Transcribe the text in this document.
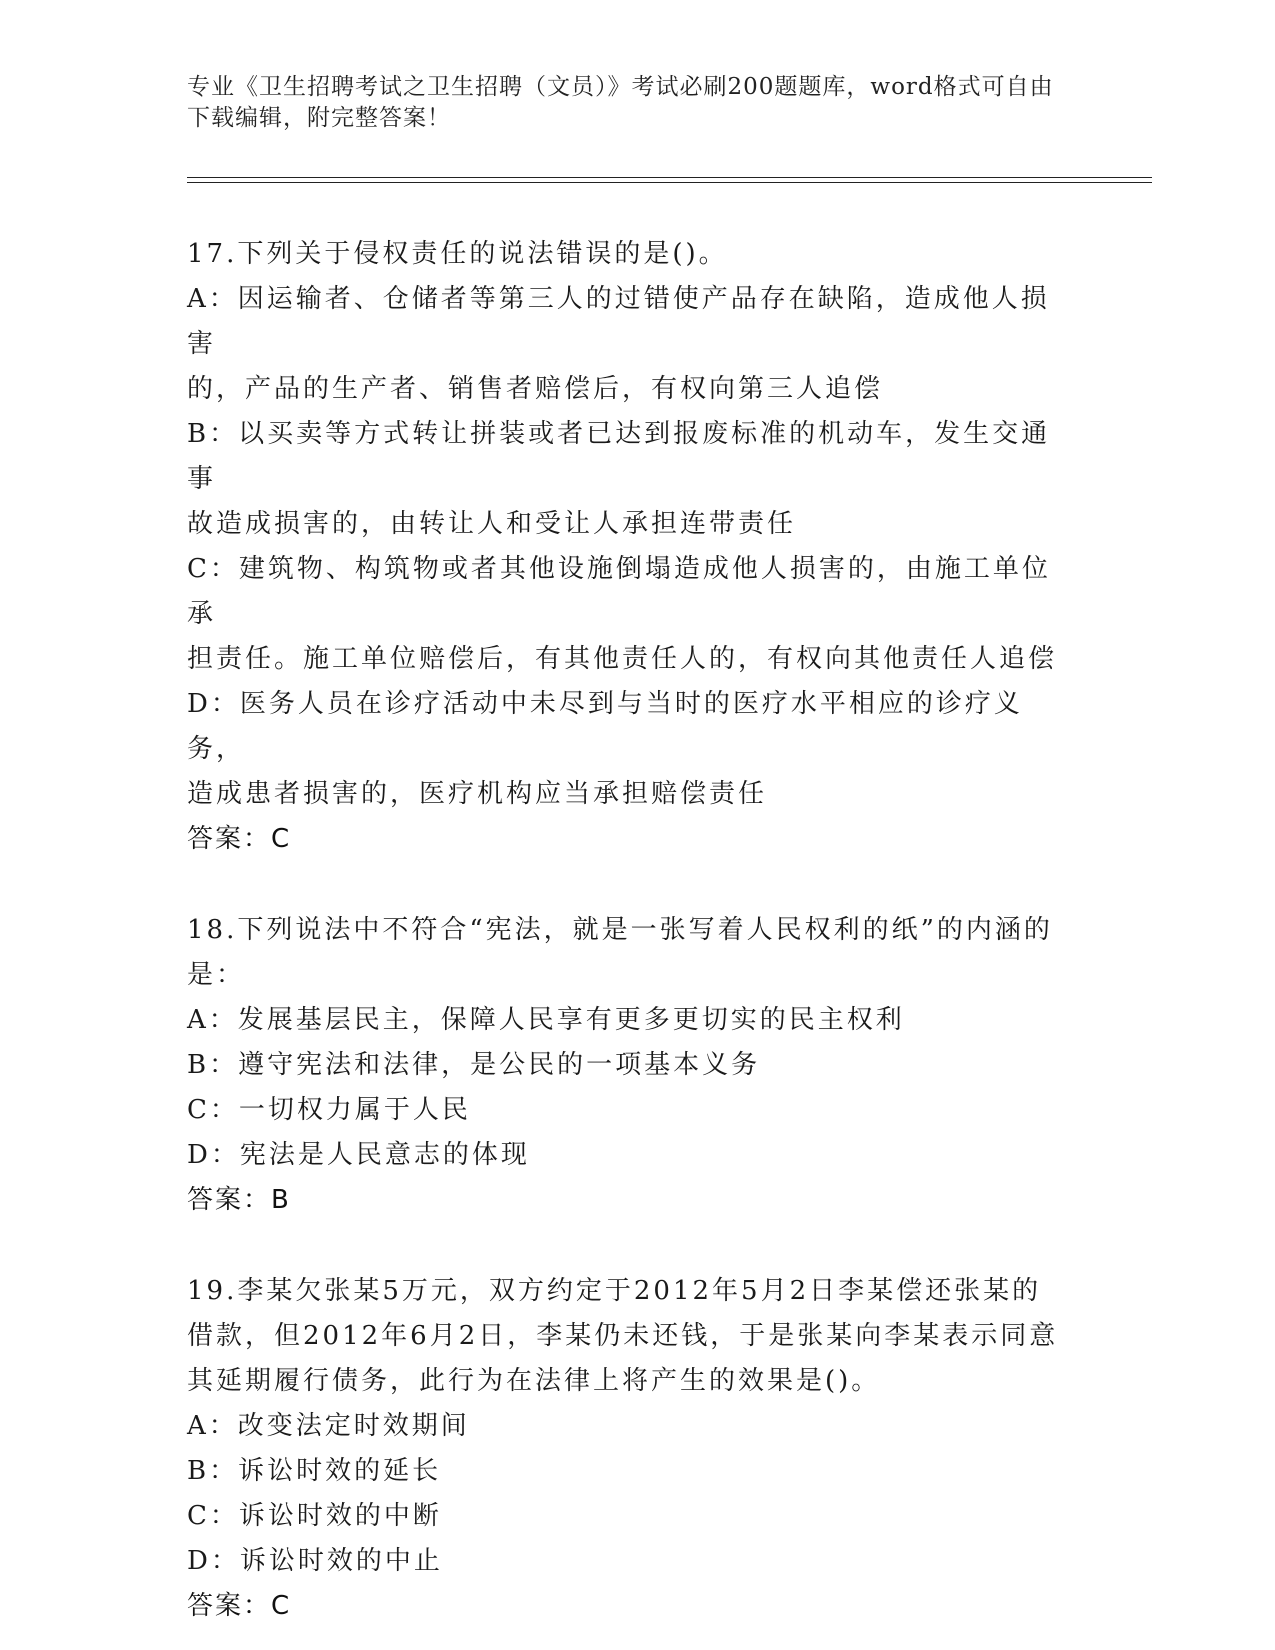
专业《卫生招聘考试之卫生招聘（文员）》考试必刷200题题库，word格式可自由下载编辑，附完整答案！
17.下列关于侵权责任的说法错误的是()。
A：因运输者、仓储者等第三人的过错使产品存在缺陷，造成他人损害
的，产品的生产者、销售者赔偿后，有权向第三人追偿
B：以买卖等方式转让拼装或者已达到报废标准的机动车，发生交通事
故造成损害的，由转让人和受让人承担连带责任
C：建筑物、构筑物或者其他设施倒塌造成他人损害的，由施工单位承
担责任。施工单位赔偿后，有其他责任人的，有权向其他责任人追偿
D：医务人员在诊疗活动中未尽到与当时的医疗水平相应的诊疗义务，
造成患者损害的，医疗机构应当承担赔偿责任
答案：C
18.下列说法中不符合“宪法，就是一张写着人民权利的纸”的内涵的
是：
A：发展基层民主，保障人民享有更多更切实的民主权利
B：遵守宪法和法律，是公民的一项基本义务
C：一切权力属于人民
D：宪法是人民意志的体现
答案：B
19.李某欠张某5万元，双方约定于2012年5月2日李某偿还张某的
借款，但2012年6月2日，李某仍未还钱，于是张某向李某表示同意
其延期履行债务，此行为在法律上将产生的效果是()。
A：改变法定时效期间
B：诉讼时效的延长
C：诉讼时效的中断
D：诉讼时效的中止
答案：C
